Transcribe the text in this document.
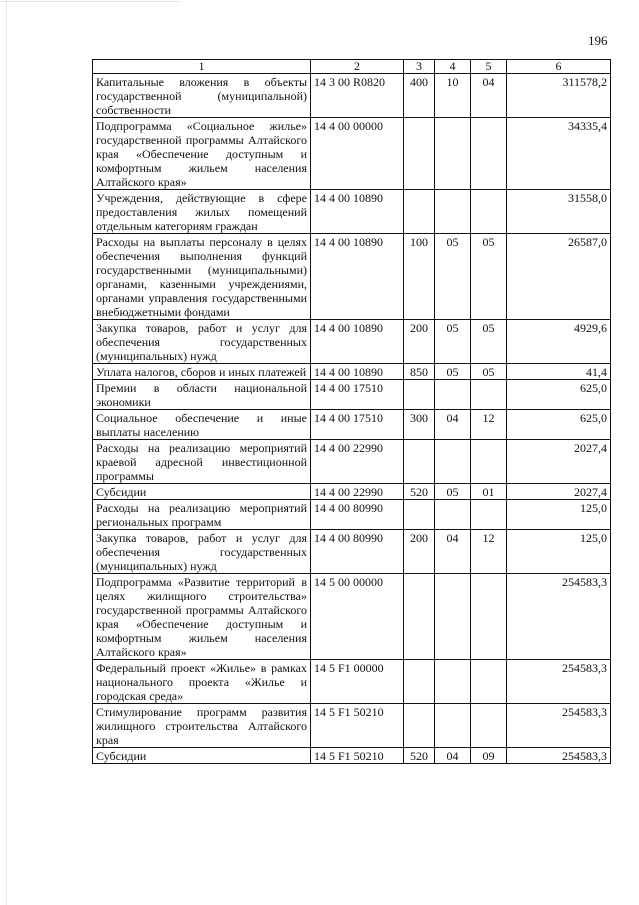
196
1	2	3	4	5	6
Капитальные вложения в объекты государственной (муниципальной) собственности	14 3 00 R0820	400	10	04	311578,2
Подпрограмма «Социальное жилье» государственной программы Алтайского края «Обеспечение доступным и комфортным жильем населения Алтайского края»	14 4 00 00000				34335,4
Учреждения, действующие в сфере предоставления жилых помещений отдельным категориям граждан	14 4 00 10890				31558,0
Расходы на выплаты персоналу в целях обеспечения выполнения функций государственными (муниципальными) органами, казенными учреждениями, органами управления государственными внебюджетными фондами	14 4 00 10890	100	05	05	26587,0
Закупка товаров, работ и услуг для обеспечения государственных (муниципальных) нужд	14 4 00 10890	200	05	05	4929,6
Уплата налогов, сборов и иных платежей	14 4 00 10890	850	05	05	41,4
Премии в области национальной экономики	14 4 00 17510				625,0
Социальное обеспечение и иные выплаты населению	14 4 00 17510	300	04	12	625,0
Расходы на реализацию мероприятий краевой адресной инвестиционной программы	14 4 00 22990				2027,4
Субсидии	14 4 00 22990	520	05	01	2027,4
Расходы на реализацию мероприятий региональных программ	14 4 00 80990				125,0
Закупка товаров, работ и услуг для обеспечения государственных (муниципальных) нужд	14 4 00 80990	200	04	12	125,0
Подпрограмма «Развитие территорий в целях жилищного строительства» государственной программы Алтайского края «Обеспечение доступным и комфортным жильем населения Алтайского края»	14 5 00 00000				254583,3
Федеральный проект «Жилье» в рамках национального проекта «Жилье и городская среда»	14 5 F1 00000				254583,3
Стимулирование программ развития жилищного строительства Алтайского края	14 5 F1 50210				254583,3
Субсидии	14 5 F1 50210	520	04	09	254583,3
